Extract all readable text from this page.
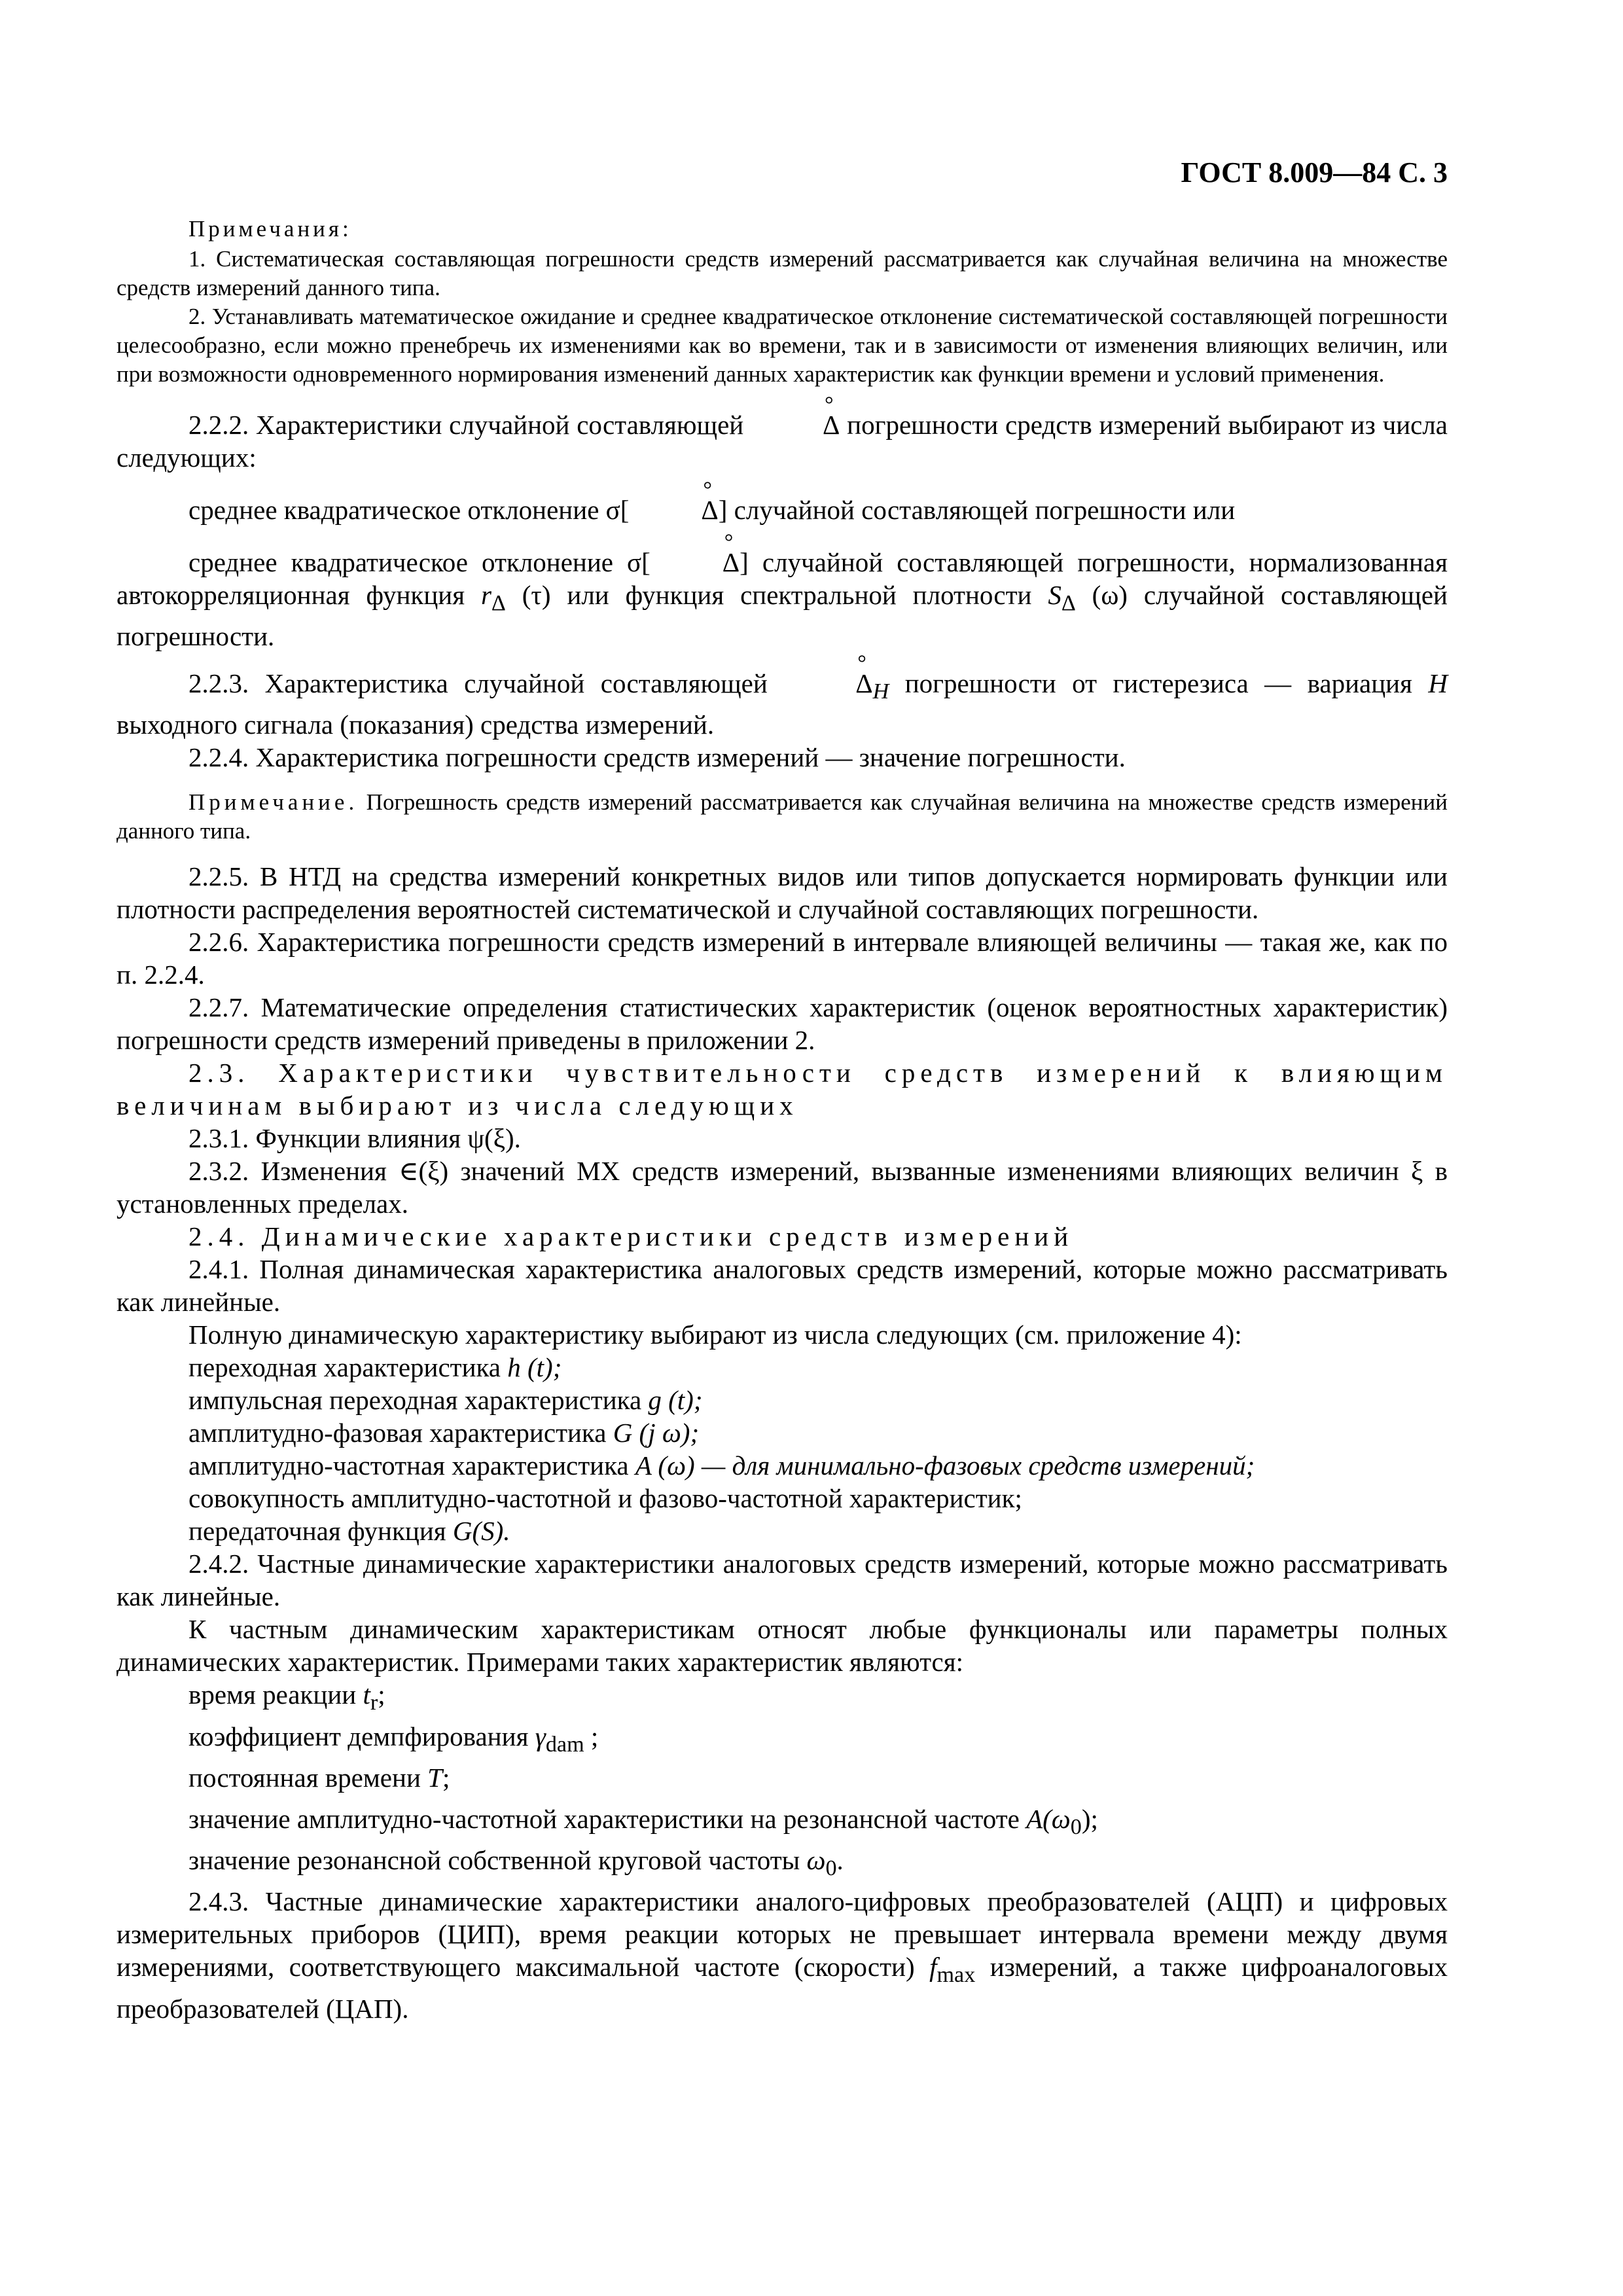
ГОСТ 8.009—84 С. 3
Примечания:

1. Систематическая составляющая погрешности средств измерений рассматривается как случайная величина на множестве средств измерений данного типа.

2. Устанавливать математическое ожидание и среднее квадратическое отклонение систематической составляющей погрешности целесообразно, если можно пренебречь их изменениями как во времени, так и в зависимости от изменения влияющих величин, или при возможности одновременного нормирования изменений данных характеристик как функции времени и условий применения.

2.2.2. Характеристики случайной составляющей	° Δ погрешности средств измерений выбирают из числа следующих:

среднее квадратическое отклонение σ[	° Δ] случайной составляющей погрешности или

среднее квадратическое отклонение σ[	° Δ] случайной составляющей погрешности, нормализованная автокорреляционная функция $r_\Delta$ (τ) или функция спектральной плотности $S_\Delta$ (ω) случайной составляющей погрешности.

2.2.3. Характеристика случайной составляющей	° $\Delta_H$ погрешности от гистерезиса — вариация H выходного сигнала (показания) средства измерений.

2.2.4. Характеристика погрешности средств измерений — значение погрешности.

Примечание. Погрешность средств измерений рассматривается как случайная величина на множестве средств измерений данного типа.

2.2.5. В НТД на средства измерений конкретных видов или типов допускается нормировать функции или плотности распределения вероятностей систематической и случайной составляющих погрешности.

2.2.6. Характеристика погрешности средств измерений в интервале влияющей величины — такая же, как по п. 2.2.4.

2.2.7. Математические определения статистических характеристик (оценок вероятностных характеристик) погрешности средств измерений приведены в приложении 2.

2.3. Характеристики чувствительности средств измерений к влияющим величинам выбирают из числа следующих

2.3.1. Функции влияния ψ(ξ).

2.3.2. Изменения ∈(ξ) значений МХ средств измерений, вызванные изменениями влияющих величин ξ в установленных пределах.

2.4. Динамические характеристики средств измерений

2.4.1. Полная динамическая характеристика аналоговых средств измерений, которые можно рассматривать как линейные.

Полную динамическую характеристику выбирают из числа следующих (см. приложение 4):

переходная характеристика h (t);

импульсная переходная характеристика g (t);

амплитудно-фазовая характеристика G (j ω);

амплитудно-частотная характеристика A (ω) — для минимально-фазовых средств измерений;

совокупность амплитудно-частотной и фазово-частотной характеристик;

передаточная функция G(S).

2.4.2. Частные динамические характеристики аналоговых средств измерений, которые можно рассматривать как линейные.

К частным динамическим характеристикам относят любые функционалы или параметры полных динамических характеристик. Примерами таких характеристик являются:

время реакции $t_r$;

коэффициент демпфирования $\gamma_{dam}$ ;

постоянная времени T;

значение амплитудно-частотной характеристики на резонансной частоте $A(\omega_0)$;

значение резонансной собственной круговой частоты $\omega_0$.

2.4.3. Частные динамические характеристики аналого-цифровых преобразователей (АЦП) и цифровых измерительных приборов (ЦИП), время реакции которых не превышает интервала времени между двумя измерениями, соответствующего максимальной частоте (скорости) $f_{max}$ измерений, а также цифроаналоговых преобразователей (ЦАП).
